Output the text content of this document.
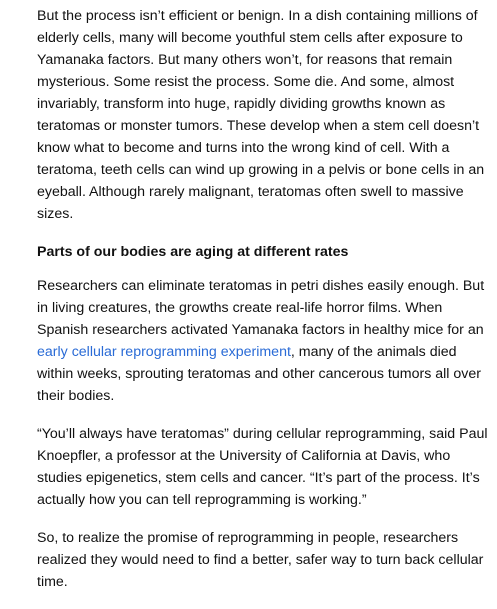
But the process isn’t efficient or benign. In a dish containing millions of elderly cells, many will become youthful stem cells after exposure to Yamanaka factors. But many others won’t, for reasons that remain mysterious. Some resist the process. Some die. And some, almost invariably, transform into huge, rapidly dividing growths known as teratomas or monster tumors. These develop when a stem cell doesn’t know what to become and turns into the wrong kind of cell. With a teratoma, teeth cells can wind up growing in a pelvis or bone cells in an eyeball. Although rarely malignant, teratomas often swell to massive sizes.

Parts of our bodies are aging at different rates

Researchers can eliminate teratomas in petri dishes easily enough. But in living creatures, the growths create real-life horror films. When Spanish researchers activated Yamanaka factors in healthy mice for an early cellular reprogramming experiment, many of the animals died within weeks, sprouting teratomas and other cancerous tumors all over their bodies.

“You’ll always have teratomas” during cellular reprogramming, said Paul Knoepfler, a professor at the University of California at Davis, who studies epigenetics, stem cells and cancer. “It’s part of the process. It’s actually how you can tell reprogramming is working.”

So, to realize the promise of reprogramming in people, researchers realized they would need to find a better, safer way to turn back cellular time.
